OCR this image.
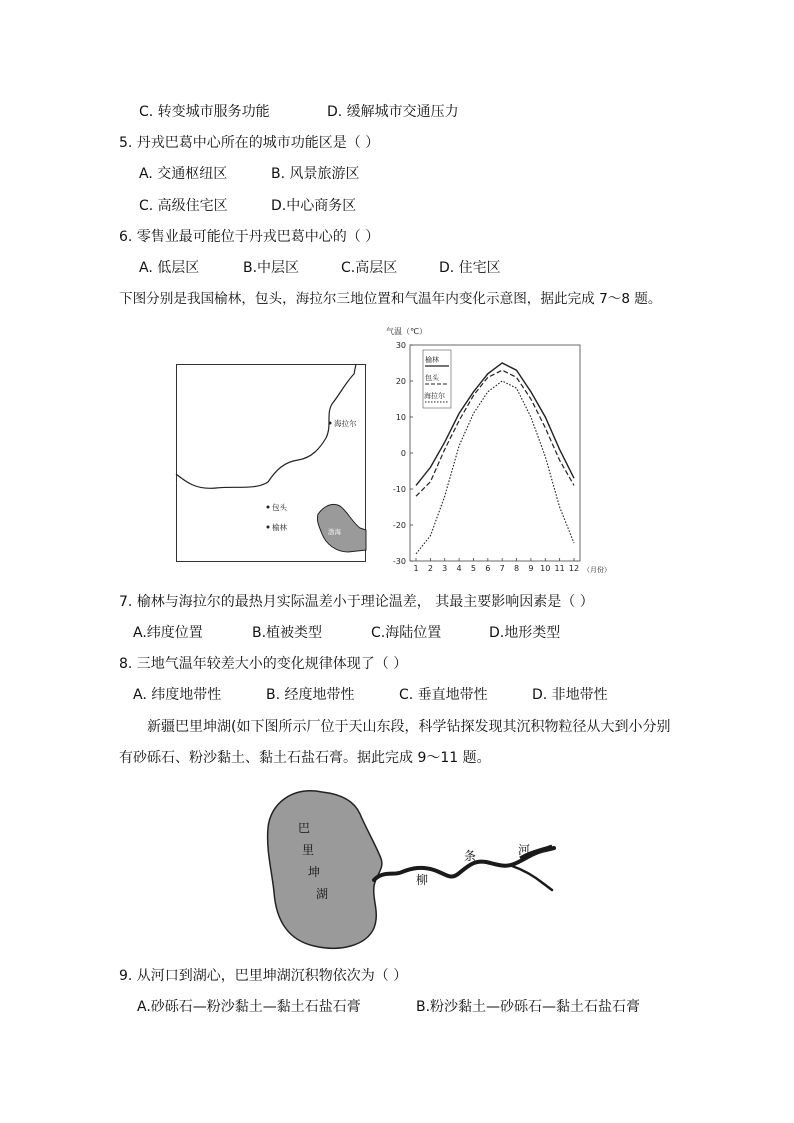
C. 转变城市服务功能	D. 缓解城市交通压力
5. 丹戎巴葛中心所在的城市功能区是（ ）
A. 交通枢纽区	B. 风景旅游区
C. 高级住宅区	D.中心商务区
6. 零售业最可能位于丹戎巴葛中心的（ ）
A. 低层区	B.中层区	C.高层区	D. 住宅区
下图分别是我国榆林，包头，海拉尔三地位置和气温年内变化示意图，据此完成 7～8 题。
海拉尔
包头
榆林	渤海
气温（℃）
30
20
10
0
-10
-20
-30
1 2 3 4 5 6 7 8 9 10 11 12
榆林
包头
海拉尔
（月份）
7. 榆林与海拉尔的最热月实际温差小于理论温差， 其最主要影响因素是（ ）
A.纬度位置	B.植被类型	C.海陆位置	D.地形类型
8. 三地气温年较差大小的变化规律体现了（ ）
A. 纬度地带性	B. 经度地带性	C. 垂直地带性	D. 非地带性
新疆巴里坤湖(如下图所示厂位于天山东段，科学钻探发现其沉积物粒径从大到小分别
有砂砾石、粉沙黏土、黏土石盐石膏。据此完成 9～11 题。
巴
里
坤
湖
柳
条	河
9. 从河口到湖心，巴里坤湖沉积物依次为（ ）
A.砂砾石—粉沙黏土—黏土石盐石膏	B.粉沙黏土—砂砾石—黏土石盐石膏
